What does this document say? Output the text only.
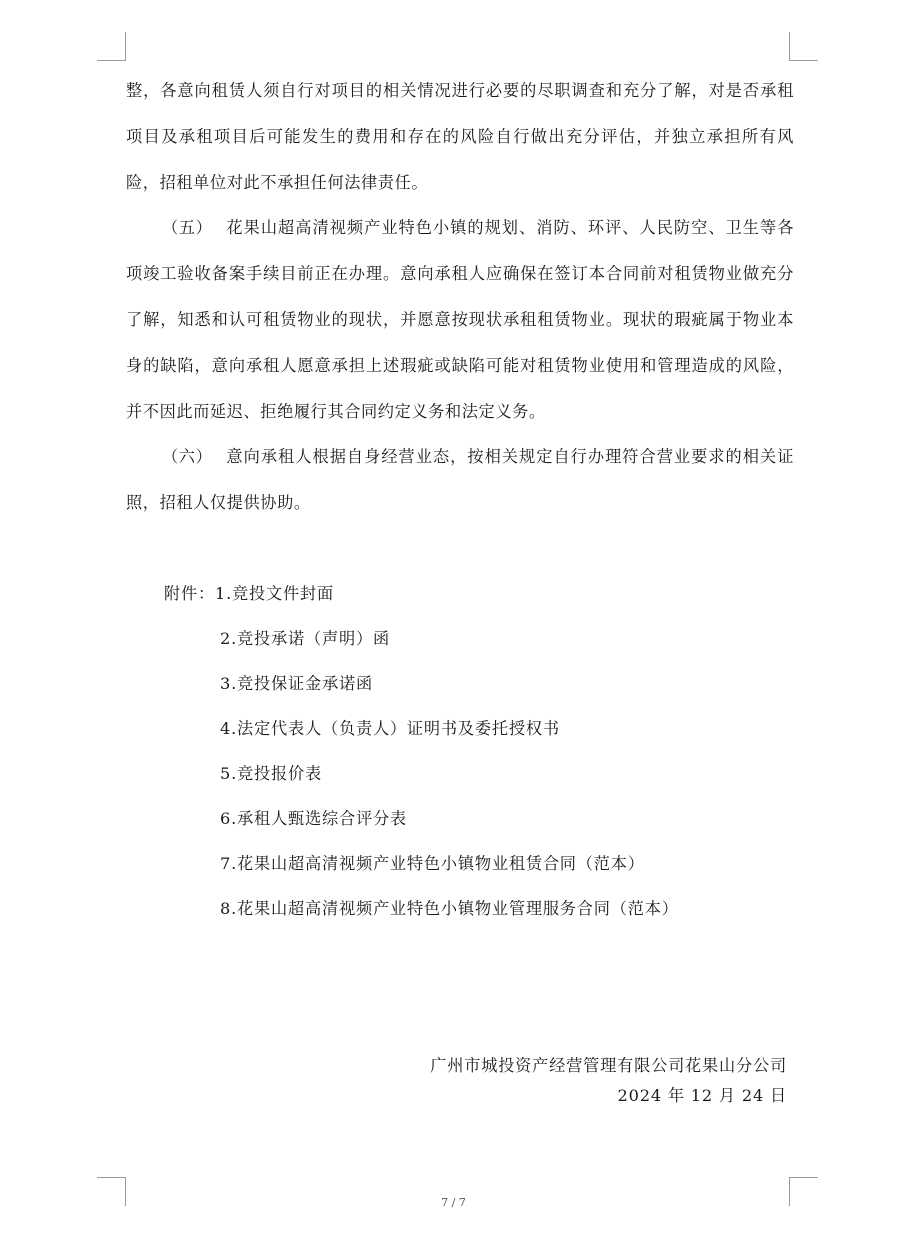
整，各意向租赁人须自行对项目的相关情况进行必要的尽职调查和充分了解，对是否承租项目及承租项目后可能发生的费用和存在的风险自行做出充分评估，并独立承担所有风险，招租单位对此不承担任何法律责任。

（五） 花果山超高清视频产业特色小镇的规划、消防、环评、人民防空、卫生等各项竣工验收备案手续目前正在办理。意向承租人应确保在签订本合同前对租赁物业做充分了解，知悉和认可租赁物业的现状，并愿意按现状承租租赁物业。现状的瑕疵属于物业本身的缺陷，意向承租人愿意承担上述瑕疵或缺陷可能对租赁物业使用和管理造成的风险，并不因此而延迟、拒绝履行其合同约定义务和法定义务。

（六） 意向承租人根据自身经营业态，按相关规定自行办理符合营业要求的相关证照，招租人仅提供协助。

附件：1.竞投文件封面
2.竞投承诺（声明）函
3.竞投保证金承诺函
4.法定代表人（负责人）证明书及委托授权书
5.竞投报价表
6.承租人甄选综合评分表
7.花果山超高清视频产业特色小镇物业租赁合同（范本）
8.花果山超高清视频产业特色小镇物业管理服务合同（范本）
广州市城投资产经营管理有限公司花果山分公司
2024 年 12 月 24 日
7 / 7
